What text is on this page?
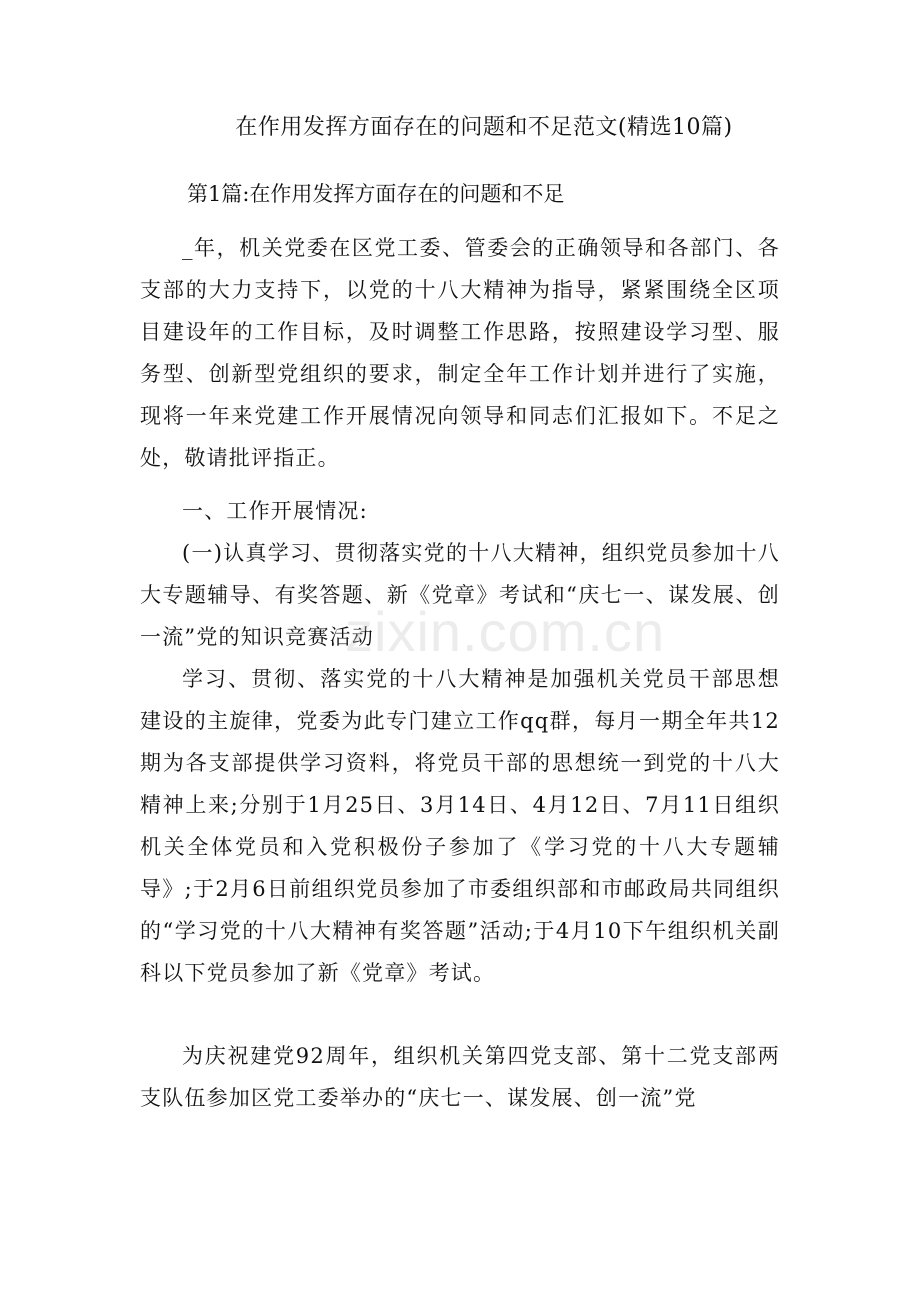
在作用发挥方面存在的问题和不足范文(精选10篇)
第1篇:在作用发挥方面存在的问题和不足
_年，机关党委在区党工委、管委会的正确领导和各部门、各支部的大力支持下，以党的十八大精神为指导，紧紧围绕全区项目建设年的工作目标，及时调整工作思路，按照建设学习型、服务型、创新型党组织的要求，制定全年工作计划并进行了实施，现将一年来党建工作开展情况向领导和同志们汇报如下。不足之处，敬请批评指正。
一、工作开展情况:
(一)认真学习、贯彻落实党的十八大精神，组织党员参加十八大专题辅导、有奖答题、新《党章》考试和“庆七一、谋发展、创一流”党的知识竞赛活动
学习、贯彻、落实党的十八大精神是加强机关党员干部思想建设的主旋律，党委为此专门建立工作qq群，每月一期全年共12期为各支部提供学习资料，将党员干部的思想统一到党的十八大精神上来;分别于1月25日、3月14日、4月12日、7月11日组织机关全体党员和入党积极份子参加了《学习党的十八大专题辅导》;于2月6日前组织党员参加了市委组织部和市邮政局共同组织的“学习党的十八大精神有奖答题”活动;于4月10下午组织机关副科以下党员参加了新《党章》考试。
为庆祝建党92周年，组织机关第四党支部、第十二党支部两支队伍参加区党工委举办的“庆七一、谋发展、创一流”党
zixin.com.cn
